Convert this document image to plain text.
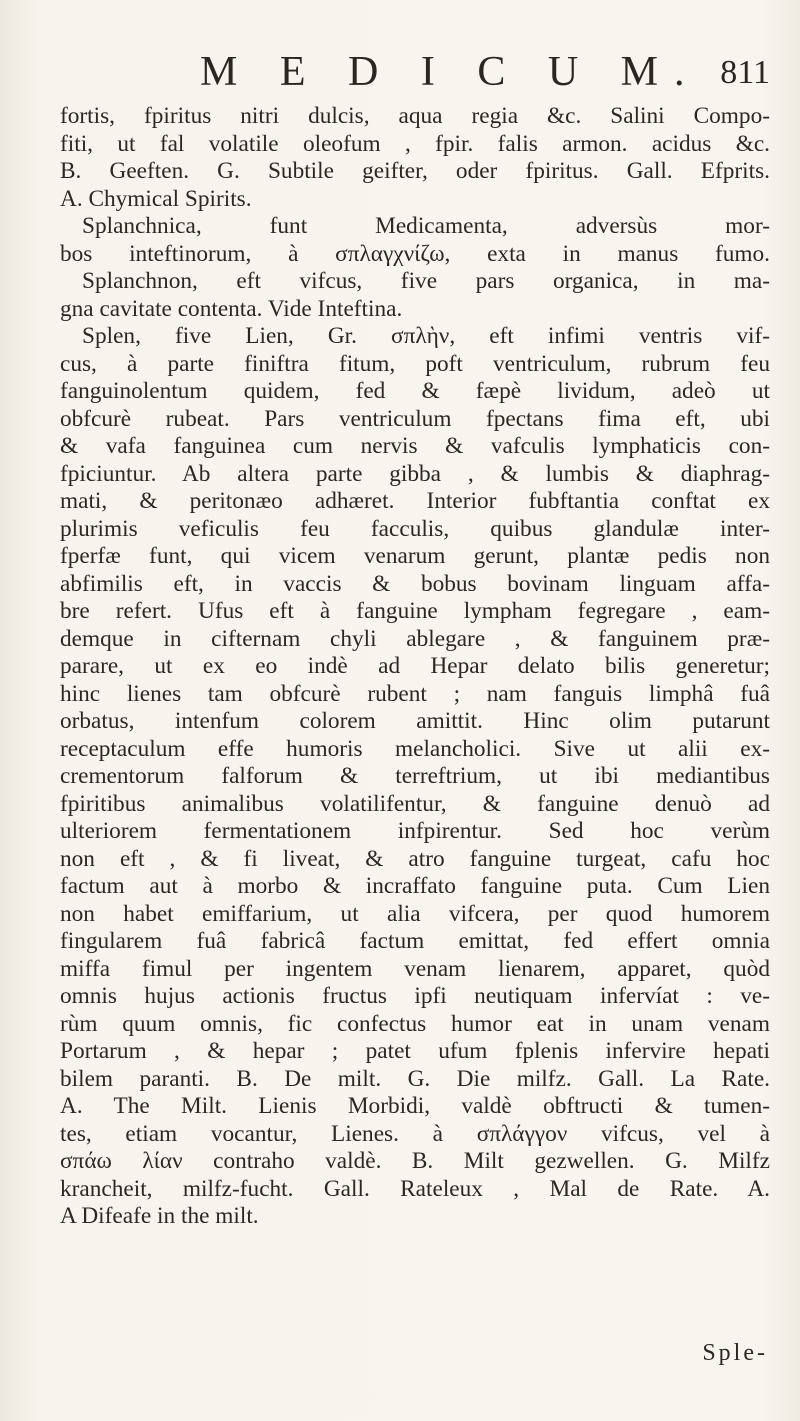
M E D I C U M. 811
fortis, fpiritus nitri dulcis, aqua regia &c. Salini Compo-
fiti, ut fal volatile oleofum , fpir. falis armon. acidus &c.
B. Geeften. G. Subtile geifter, oder fpiritus. Gall. Efprits.
A. Chymical Spirits.
Splanchnica, funt Medicamenta, adversùs mor-
bos inteftinorum, à σπλαγχνίζω, exta in manus fumo.
Splanchnon, eft vifcus, five pars organica, in ma-
gna cavitate contenta. Vide Inteftina.
Splen, five Lien, Gr. σπλὴν, eft infimi ventris vif-
cus, à parte finiftra fitum, poft ventriculum, rubrum feu
fanguinolentum quidem, fed & fæpè lividum, adeò ut
obfcurè rubeat. Pars ventriculum fpectans fima eft, ubi
& vafa fanguinea cum nervis & vafculis lymphaticis con-
fpiciuntur. Ab altera parte gibba , & lumbis & diaphrag-
mati, & peritonæo adhæret. Interior fubftantia conftat ex
plurimis veficulis feu facculis, quibus glandulæ inter-
fperfæ funt, qui vicem venarum gerunt, plantæ pedis non
abfimilis eft, in vaccis & bobus bovinam linguam affa-
bre refert. Ufus eft à fanguine lympham fegregare , eam-
demque in cifternam chyli ablegare , & fanguinem præ-
parare, ut ex eo indè ad Hepar delato bilis generetur;
hinc lienes tam obfcurè rubent ; nam fanguis limphâ fuâ
orbatus, intenfum colorem amittit. Hinc olim putarunt
receptaculum effe humoris melancholici. Sive ut alii ex-
crementorum falforum & terreftrium, ut ibi mediantibus
fpiritibus animalibus volatilifentur, & fanguine denuò ad
ulteriorem fermentationem infpirentur. Sed hoc verùm
non eft , & fi liveat, & atro fanguine turgeat, cafu hoc
factum aut à morbo & incraffato fanguine puta. Cum Lien
non habet emiffarium, ut alia vifcera, per quod humorem
fingularem fuâ fabricâ factum emittat, fed effert omnia
miffa fimul per ingentem venam lienarem, apparet, quòd
omnis hujus actionis fructus ipfi neutiquam infervíat : ve-
rùm quum omnis, fic confectus humor eat in unam venam
Portarum , & hepar ; patet ufum fplenis infervire hepati
bilem paranti. B. De milt. G. Die milfz. Gall. La Rate.
A. The Milt. Lienis Morbidi, valdè obftructi & tumen-
tes, etiam vocantur, Lienes. à σπλάγγον vifcus, vel à
σπάω λίαν contraho valdè. B. Milt gezwellen. G. Milfz
krancheit, milfz-fucht. Gall. Rateleux , Mal de Rate. A.
A Difeafe in the milt.
Sple-
